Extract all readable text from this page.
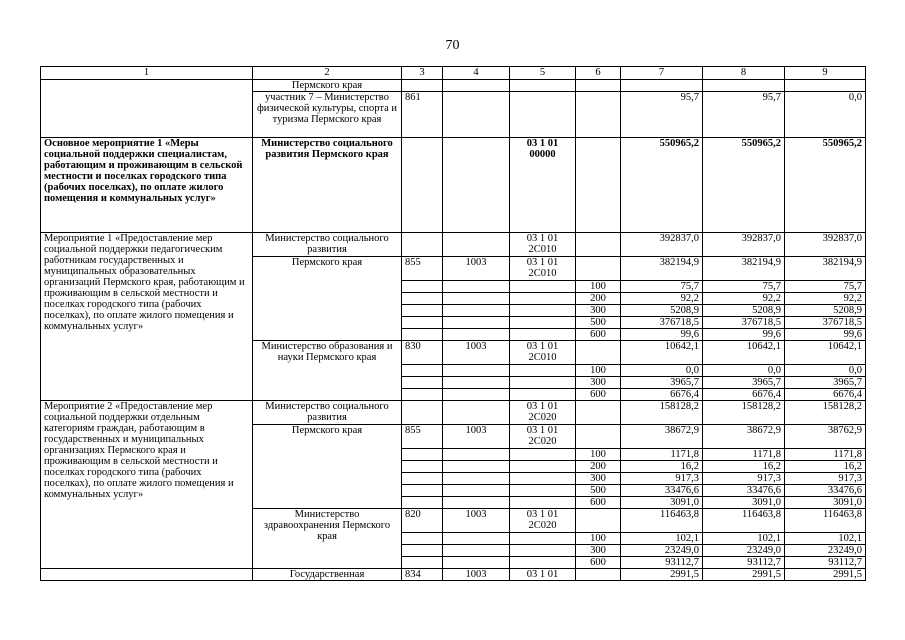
70
1	2	3	4	5	6	7	8	9
	Пермского края							
	участник 7 – Министерство физической культуры, спорта и туризма Пермского края	861				95,7	95,7	0,0
Основное мероприятие 1 «Меры социальной поддержки специалистам, работающим и проживающим в сельской местности и поселках городского типа (рабочих поселках), по оплате жилого помещения и коммунальных услуг»	Министерство социального развития Пермского края			03 1 01 00000		550965,2	550965,2	550965,2
Мероприятие 1 «Предоставление мер социальной поддержки педагогическим работникам государственных и муниципальных образовательных организаций Пермского края, работающим и проживающим в сельской местности и поселках городского типа (рабочих поселках), по оплате жилого помещения и коммунальных услуг»	Министерство социального развития			03 1 01 2С010		392837,0	392837,0	392837,0
	Пермского края	855	1003	03 1 01 2С010		382194,9	382194,9	382194,9
					100	75,7	75,7	75,7
					200	92,2	92,2	92,2
					300	5208,9	5208,9	5208,9
					500	376718,5	376718,5	376718,5
					600	99,6	99,6	99,6
	Министерство образования и науки Пермского края	830	1003	03 1 01 2С010		10642,1	10642,1	10642,1
					100	0,0	0,0	0,0
					300	3965,7	3965,7	3965,7
					600	6676,4	6676,4	6676,4
Мероприятие 2 «Предоставление мер социальной поддержки отдельным категориям граждан, работающим в государственных и муниципальных организациях Пермского края и проживающим в сельской местности и поселках городского типа (рабочих поселках), по оплате жилого помещения и коммунальных услуг»	Министерство социального развития			03 1 01 2С020		158128,2	158128,2	158128,2
	Пермского края	855	1003	03 1 01 2С020		38672,9	38672,9	38762,9
					100	1171,8	1171,8	1171,8
					200	16,2	16,2	16,2
					300	917,3	917,3	917,3
					500	33476,6	33476,6	33476,6
					600	3091,0	3091,0	3091,0
	Министерство здравоохранения Пермского края	820	1003	03 1 01 2С020		116463,8	116463,8	116463,8
					100	102,1	102,1	102,1
					300	23249,0	23249,0	23249,0
					600	93112,7	93112,7	93112,7
	Государственная	834	1003	03 1 01		2991,5	2991,5	2991,5
